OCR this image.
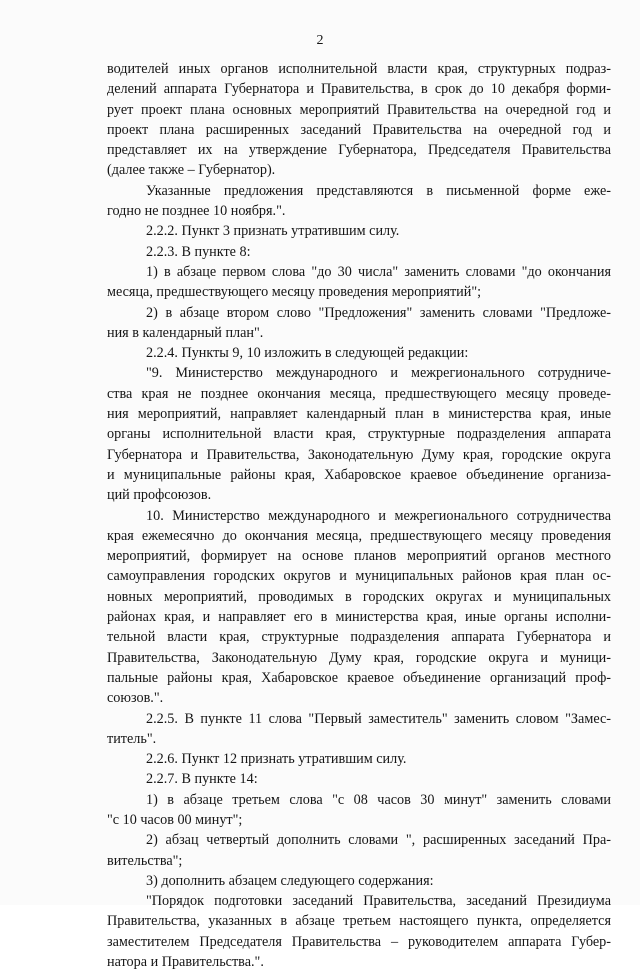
2
водителей иных органов исполнительной власти края, структурных подраз-
делений аппарата Губернатора и Правительства, в срок до 10 декабря форми-
рует проект плана основных мероприятий Правительства на очередной год и
проект плана расширенных заседаний Правительства на очередной год и
представляет их на утверждение Губернатора, Председателя Правительства
(далее также – Губернатор).
Указанные предложения представляются в письменной форме еже-
годно не позднее 10 ноября.".
2.2.2. Пункт 3 признать утратившим силу.
2.2.3. В пункте 8:
1) в абзаце первом слова "до 30 числа" заменить словами "до окончания
месяца, предшествующего месяцу проведения мероприятий";
2) в абзаце втором слово "Предложения" заменить словами "Предложе-
ния в календарный план".
2.2.4. Пункты 9, 10 изложить в следующей редакции:
"9. Министерство международного и межрегионального сотрудниче-
ства края не позднее окончания месяца, предшествующего месяцу проведе-
ния мероприятий, направляет календарный план в министерства края, иные
органы исполнительной власти края, структурные подразделения аппарата
Губернатора и Правительства, Законодательную Думу края, городские округа
и муниципальные районы края, Хабаровское краевое объединение организа-
ций профсоюзов.
10. Министерство международного и межрегионального сотрудничества
края ежемесячно до окончания месяца, предшествующего месяцу проведения
мероприятий, формирует на основе планов мероприятий органов местного
самоуправления городских округов и муниципальных районов края план ос-
новных мероприятий, проводимых в городских округах и муниципальных
районах края, и направляет его в министерства края, иные органы исполни-
тельной власти края, структурные подразделения аппарата Губернатора и
Правительства, Законодательную Думу края, городские округа и муници-
пальные районы края, Хабаровское краевое объединение организаций проф-
союзов.".
2.2.5. В пункте 11 слова "Первый заместитель" заменить словом "Замес-
титель".
2.2.6. Пункт 12 признать утратившим силу.
2.2.7. В пункте 14:
1) в абзаце третьем слова "с 08 часов 30 минут" заменить словами
"с 10 часов 00 минут";
2) абзац четвертый дополнить словами ", расширенных заседаний Пра-
вительства";
3) дополнить абзацем следующего содержания:
"Порядок подготовки заседаний Правительства, заседаний Президиума
Правительства, указанных в абзаце третьем настоящего пункта, определяется
заместителем Председателя Правительства – руководителем аппарата Губер-
натора и Правительства.".
